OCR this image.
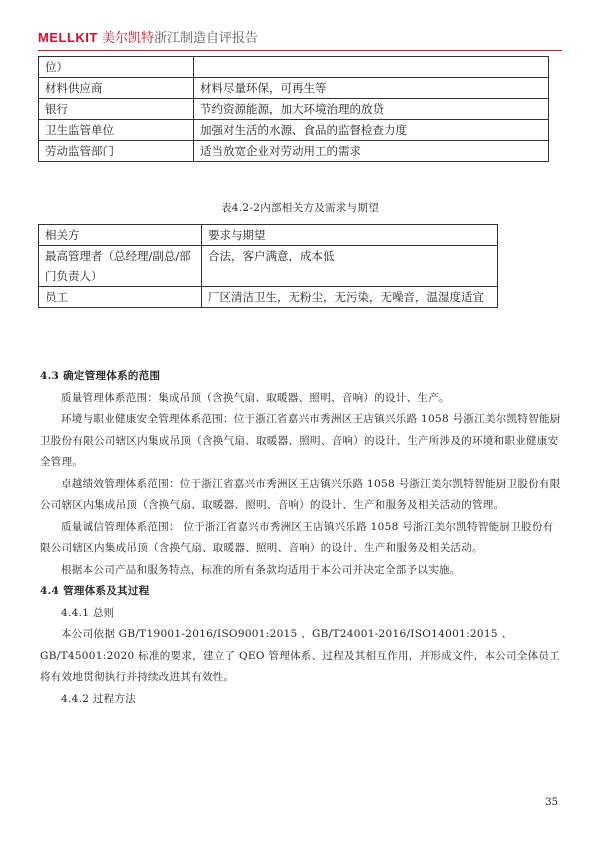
MELLKIT 美尔凯特浙江制造自评报告
位）	
材料供应商	材料尽量环保，可再生等
银行	节约资源能源，加大环境治理的放贷
卫生监管单位	加强对生活的水源、食品的监督检查力度
劳动监管部门	适当放宽企业对劳动用工的需求
表4.2-2内部相关方及需求与期望
相关方	要求与期望
最高管理者（总经理/副总/部门负责人）	合法，客户满意，成本低
员工	厂区清洁卫生，无粉尘，无污染，无噪音，温湿度适宜
4.3 确定管理体系的范围
质量管理体系范围：集成吊顶（含换气扇、取暖器、照明、音响）的设计、生产。
环境与职业健康安全管理体系范围：位于浙江省嘉兴市秀洲区王店镇兴乐路 1058 号浙江美尔凯特智能厨卫股份有限公司辖区内集成吊顶（含换气扇、取暖器、照明、音响）的设计、生产所涉及的环境和职业健康安全管理。
卓越绩效管理体系范围：位于浙江省嘉兴市秀洲区王店镇兴乐路 1058 号浙江美尔凯特智能厨卫股份有限公司辖区内集成吊顶（含换气扇、取暖器、照明、音响）的设计、生产和服务及相关活动的管理。
质量诚信管理体系范围： 位于浙江省嘉兴市秀洲区王店镇兴乐路 1058 号浙江美尔凯特智能厨卫股份有限公司辖区内集成吊顶（含换气扇、取暖器、照明、音响）的设计、生产和服务及相关活动。
根据本公司产品和服务特点，标准的所有条款均适用于本公司并决定全部予以实施。
4.4 管理体系及其过程
4.4.1 总则
本公司依据 GB/T19001-2016/ISO9001:2015 、GB/T24001-2016/ISO14001:2015 、GB/T45001:2020 标准的要求，建立了 QEO 管理体系、过程及其相互作用，并形成文件，本公司全体员工将有效地贯彻执行并持续改进其有效性。
4.4.2 过程方法
35
